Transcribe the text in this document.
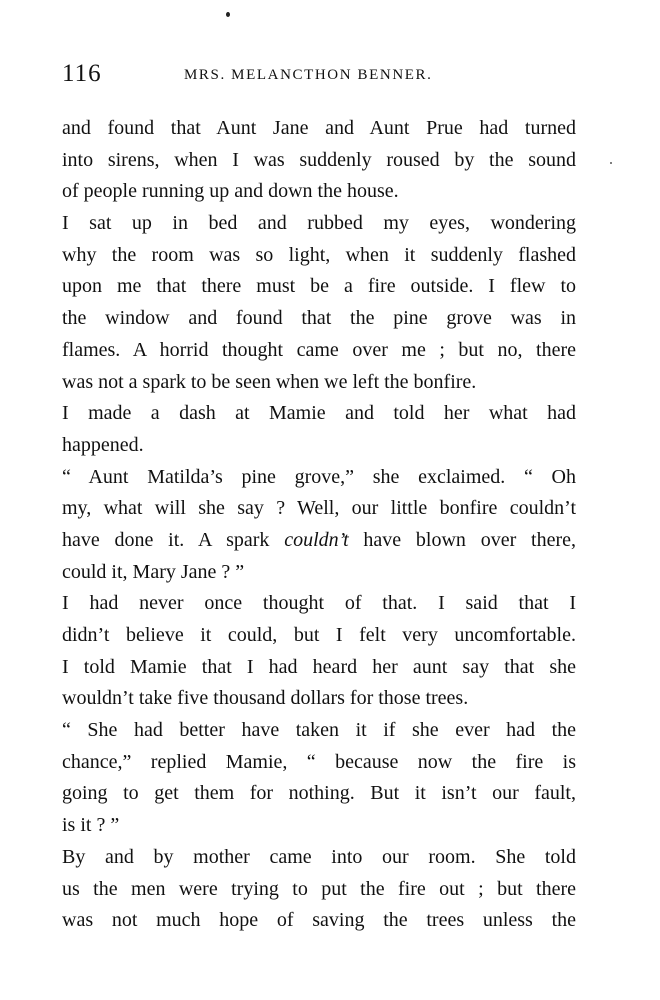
116	MRS. MELANCTHON BENNER.
and found that Aunt Jane and Aunt Prue had turned
into sirens, when I was suddenly roused by the sound
of people running up and down the house.
I sat up in bed and rubbed my eyes, wondering
why the room was so light, when it suddenly flashed
upon me that there must be a fire outside. I flew to
the window and found that the pine grove was in
flames. A horrid thought came over me ; but no, there
was not a spark to be seen when we left the bonfire.
I made a dash at Mamie and told her what had
happened.
“ Aunt Matilda’s pine grove,” she exclaimed. “ Oh
my, what will she say ? Well, our little bonfire couldn’t
have done it. A spark couldn’t have blown over there,
could it, Mary Jane ? ”
I had never once thought of that. I said that I
didn’t believe it could, but I felt very uncomfortable.
I told Mamie that I had heard her aunt say that she
wouldn’t take five thousand dollars for those trees.
“ She had better have taken it if she ever had the
chance,” replied Mamie, “ because now the fire is
going to get them for nothing. But it isn’t our fault,
is it ? ”
By and by mother came into our room. She told
us the men were trying to put the fire out ; but there
was not much hope of saving the trees unless the
